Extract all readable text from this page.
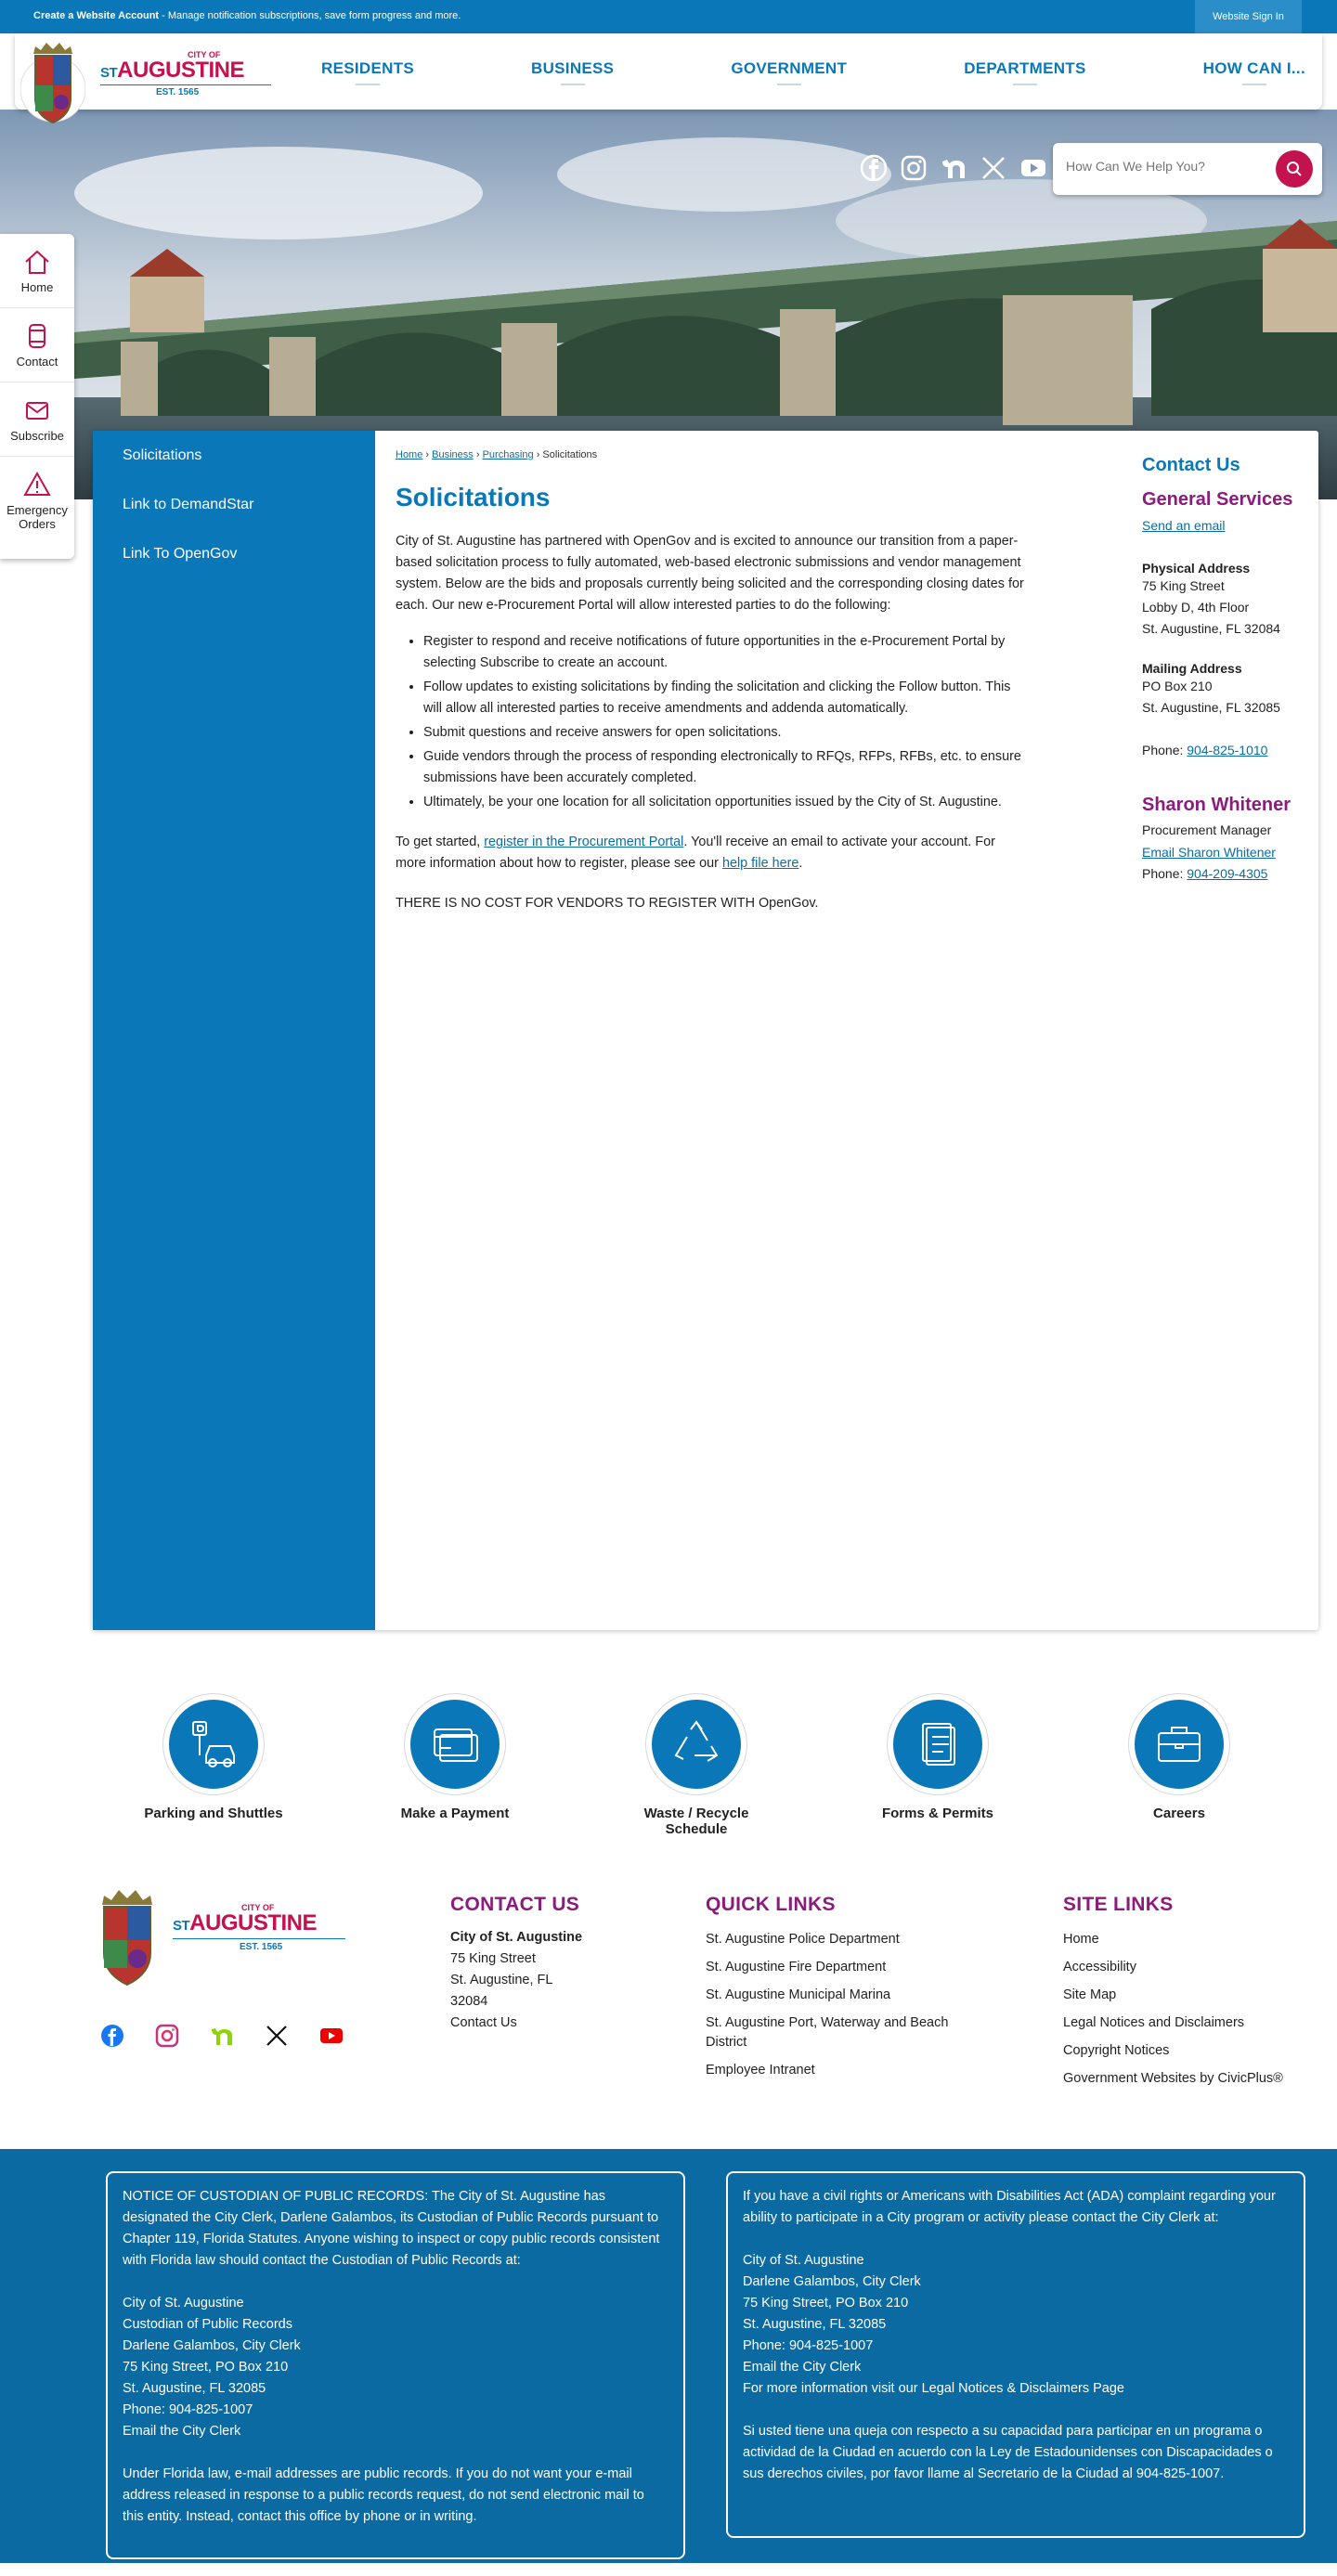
Create a Website Account - Manage notification subscriptions, save form progress and more.	Website Sign In
CITY OF
STAUGUSTINE
EST. 1565
RESIDENTS	BUSINESS	GOVERNMENT	DEPARTMENTS	HOW CAN I...
How Can We Help You?
Home
Contact
Subscribe
Emergency
Orders
Solicitations
Link to DemandStar
Link To OpenGov
Home › Business › Purchasing › Solicitations
Solicitations

City of St. Augustine has partnered with OpenGov and is excited to announce our transition from a paper-based solicitation process to fully automated, web-based electronic submissions and vendor management system. Below are the bids and proposals currently being solicited and the corresponding closing dates for each. Our new e-Procurement Portal will allow interested parties to do the following:

• Register to respond and receive notifications of future opportunities in the e-Procurement Portal by selecting Subscribe to create an account.
• Follow updates to existing solicitations by finding the solicitation and clicking the Follow button. This will allow all interested parties to receive amendments and addenda automatically.
• Submit questions and receive answers for open solicitations.
• Guide vendors through the process of responding electronically to RFQs, RFPs, RFBs, etc. to ensure submissions have been accurately completed.
• Ultimately, be your one location for all solicitation opportunities issued by the City of St. Augustine.

To get started, register in the Procurement Portal. You'll receive an email to activate your account. For more information about how to register, please see our help file here.

THERE IS NO COST FOR VENDORS TO REGISTER WITH OpenGov.

Contact Us
General Services
Send an email
Physical Address
75 King Street
Lobby D, 4th Floor
St. Augustine, FL 32084
Mailing Address
PO Box 210
St. Augustine, FL 32085
Phone: 904-825-1010
Sharon Whitener
Procurement Manager
Email Sharon Whitener
Phone: 904-209-4305
Parking and Shuttles	Make a Payment	Waste / Recycle Schedule
Forms & Permits	Careers
CITY OF
STAUGUSTINE
EST. 1565
CONTACT US
City of St. Augustine
75 King Street
St. Augustine, FL
32084
Contact Us
QUICK LINKS
St. Augustine Police Department
St. Augustine Fire Department
St. Augustine Municipal Marina
St. Augustine Port, Waterway and Beach District
Employee Intranet
SITE LINKS
Home
Accessibility
Site Map
Legal Notices and Disclaimers
Copyright Notices
Government Websites by CivicPlus®

NOTICE OF CUSTODIAN OF PUBLIC RECORDS: The City of St. Augustine has designated the City Clerk, Darlene Galambos, its Custodian of Public Records pursuant to Chapter 119, Florida Statutes. Anyone wishing to inspect or copy public records consistent with Florida law should contact the Custodian of Public Records at:

City of St. Augustine
Custodian of Public Records
Darlene Galambos, City Clerk
75 King Street, PO Box 210
St. Augustine, FL 32085
Phone: 904-825-1007
Email the City Clerk

Under Florida law, e-mail addresses are public records. If you do not want your e-mail address released in response to a public records request, do not send electronic mail to this entity. Instead, contact this office by phone or in writing.

If you have a civil rights or Americans with Disabilities Act (ADA) complaint regarding your ability to participate in a City program or activity please contact the City Clerk at:

City of St. Augustine
Darlene Galambos, City Clerk
75 King Street, PO Box 210
St. Augustine, FL 32085
Phone: 904-825-1007
Email the City Clerk
For more information visit our Legal Notices & Disclaimers Page

Si usted tiene una queja con respecto a su capacidad para participar en un programa o actividad de la Ciudad en acuerdo con la Ley de Estadounidenses con Discapacidades o sus derechos civiles, por favor llame al Secretario de la Ciudad al 904-825-1007.
